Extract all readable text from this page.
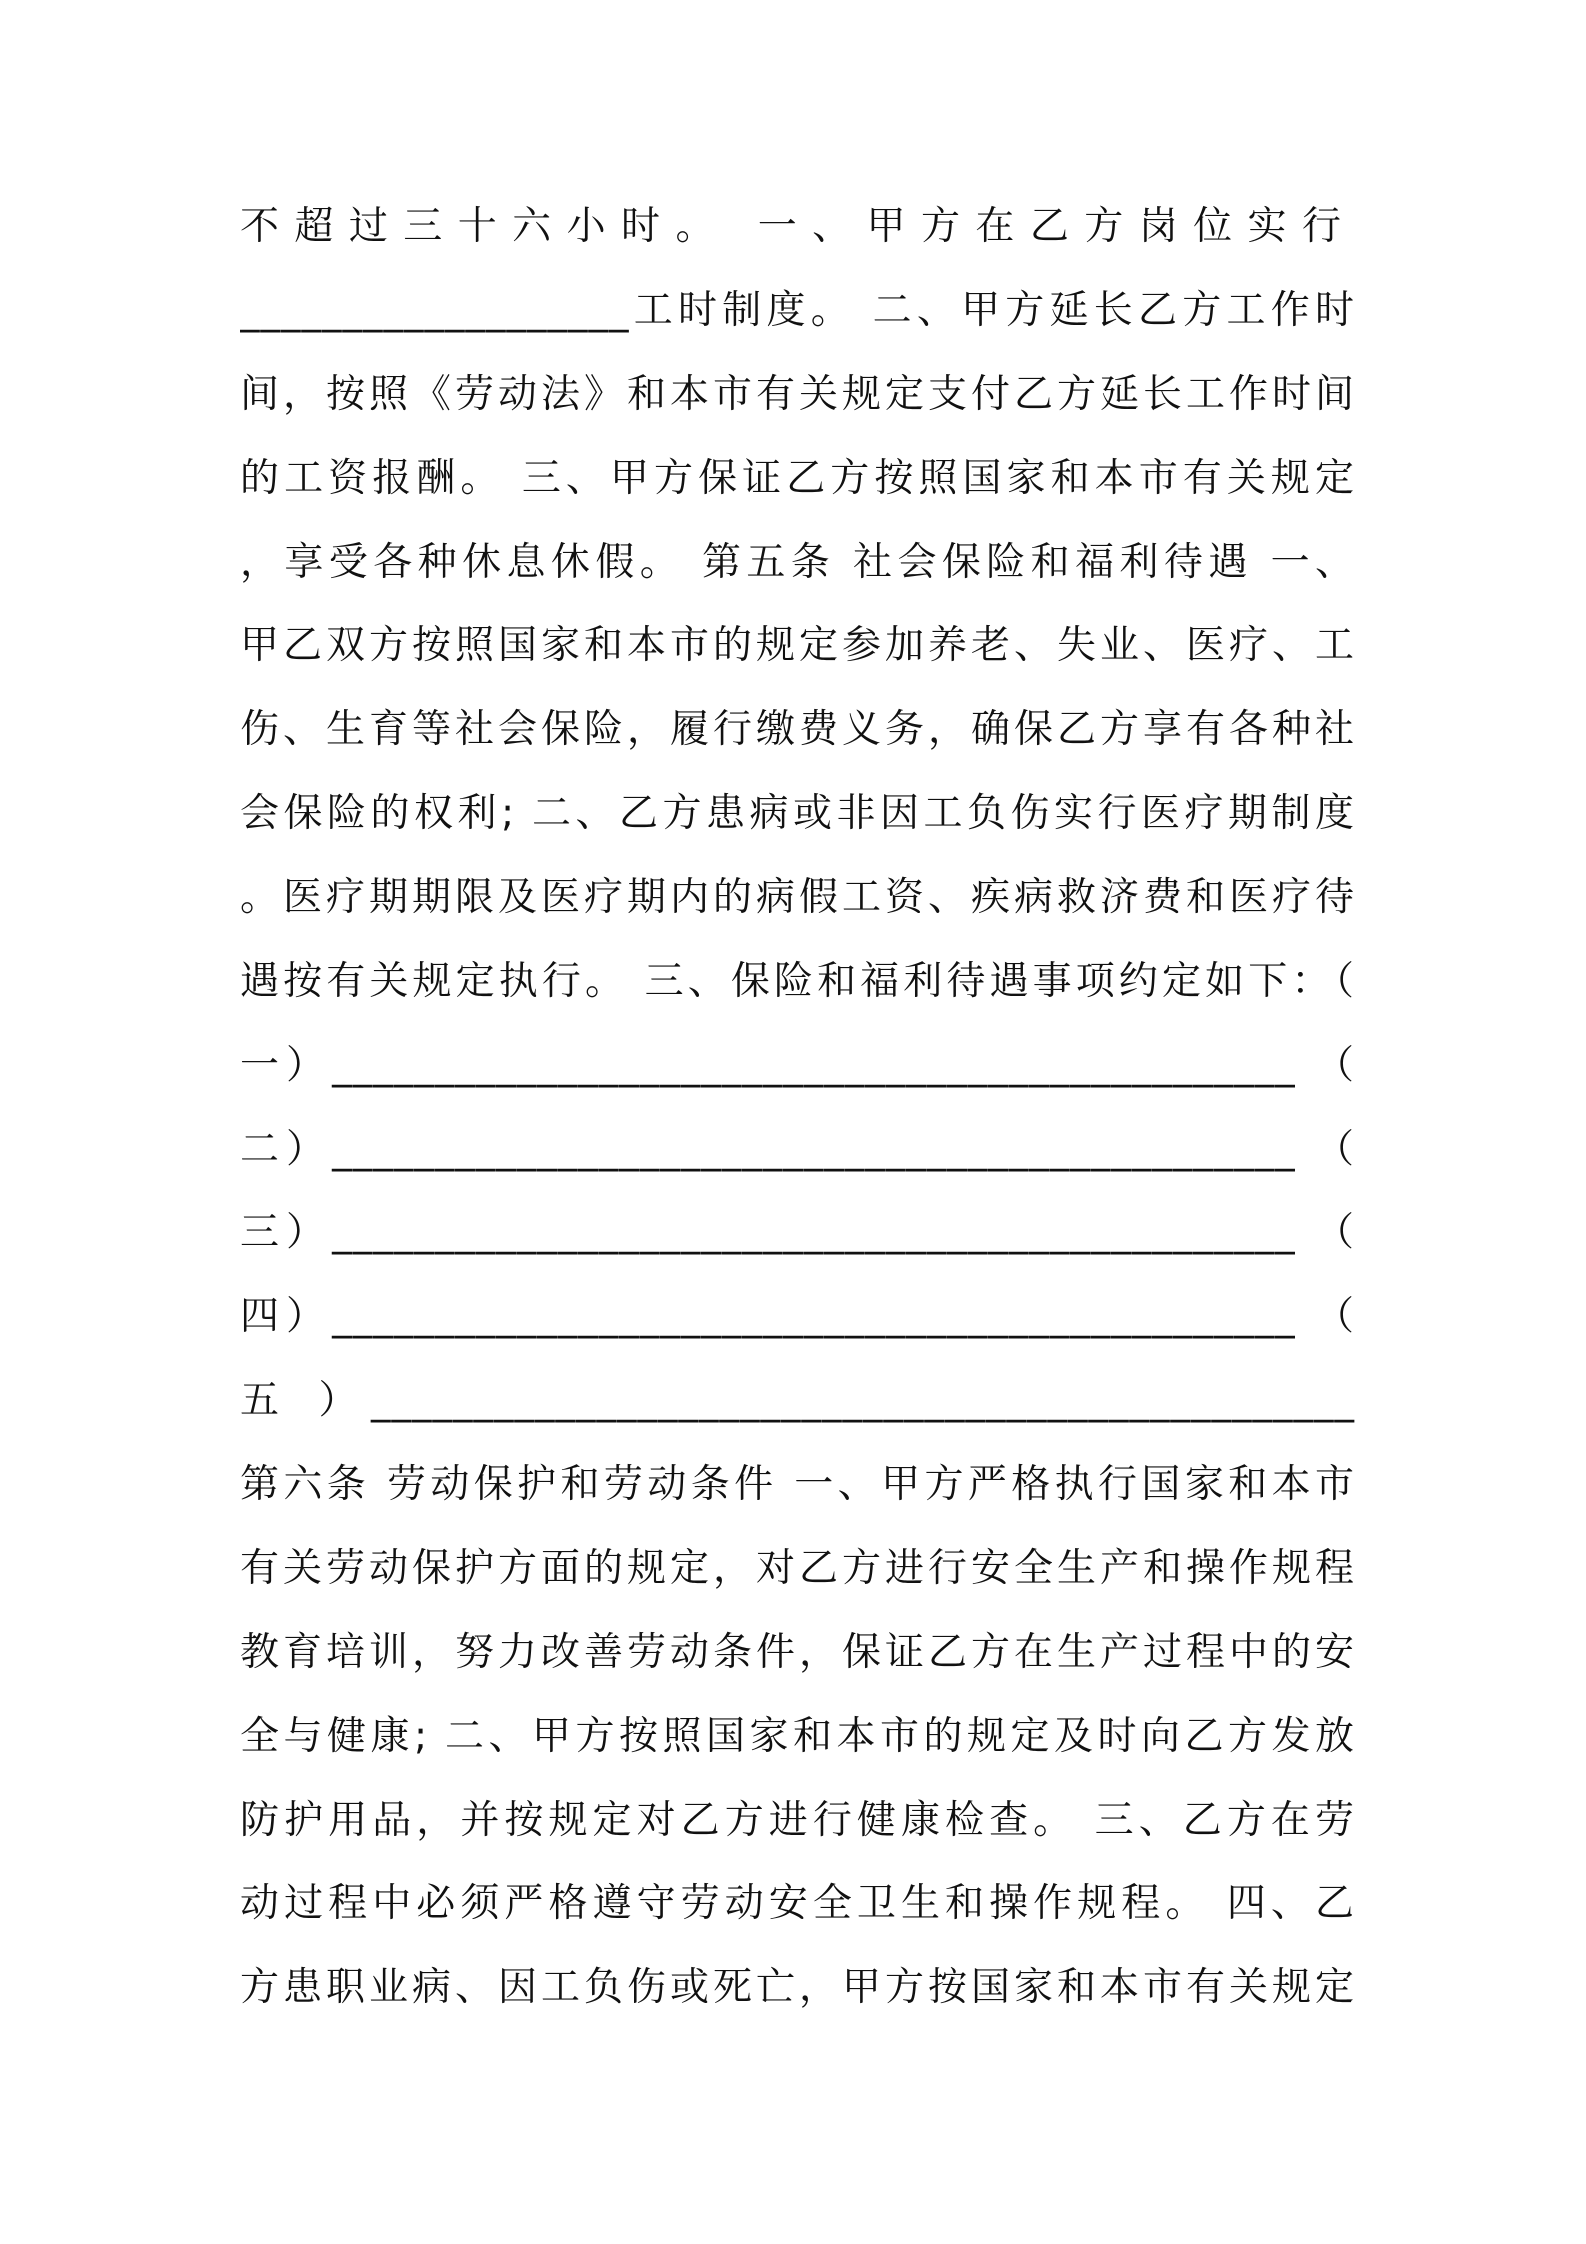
不超过三十六小时。 一、甲方在乙方岗位实行
___________________工时制度。 二、甲方延长乙方工作时
间，按照《劳动法》和本市有关规定支付乙方延长工作时间
的工资报酬。 三、甲方保证乙方按照国家和本市有关规定
，享受各种休息休假。 第五条 社会保险和福利待遇 一、
甲乙双方按照国家和本市的规定参加养老、失业、医疗、工
伤、生育等社会保险，履行缴费义务，确保乙方享有各种社
会保险的权利; 二、乙方患病或非因工负伤实行医疗期制度
。医疗期期限及医疗期内的病假工资、疾病救济费和医疗待
遇按有关规定执行。 三、保险和福利待遇事项约定如下：（
一）_______________________________________________ （
二）_______________________________________________ （
三）_______________________________________________ （
四）_______________________________________________ （
五 ）________________________________________________
第六条 劳动保护和劳动条件 一、甲方严格执行国家和本市
有关劳动保护方面的规定，对乙方进行安全生产和操作规程
教育培训，努力改善劳动条件，保证乙方在生产过程中的安
全与健康; 二、甲方按照国家和本市的规定及时向乙方发放
防护用品，并按规定对乙方进行健康检查。 三、乙方在劳
动过程中必须严格遵守劳动安全卫生和操作规程。 四、乙
方患职业病、因工负伤或死亡，甲方按国家和本市有关规定
